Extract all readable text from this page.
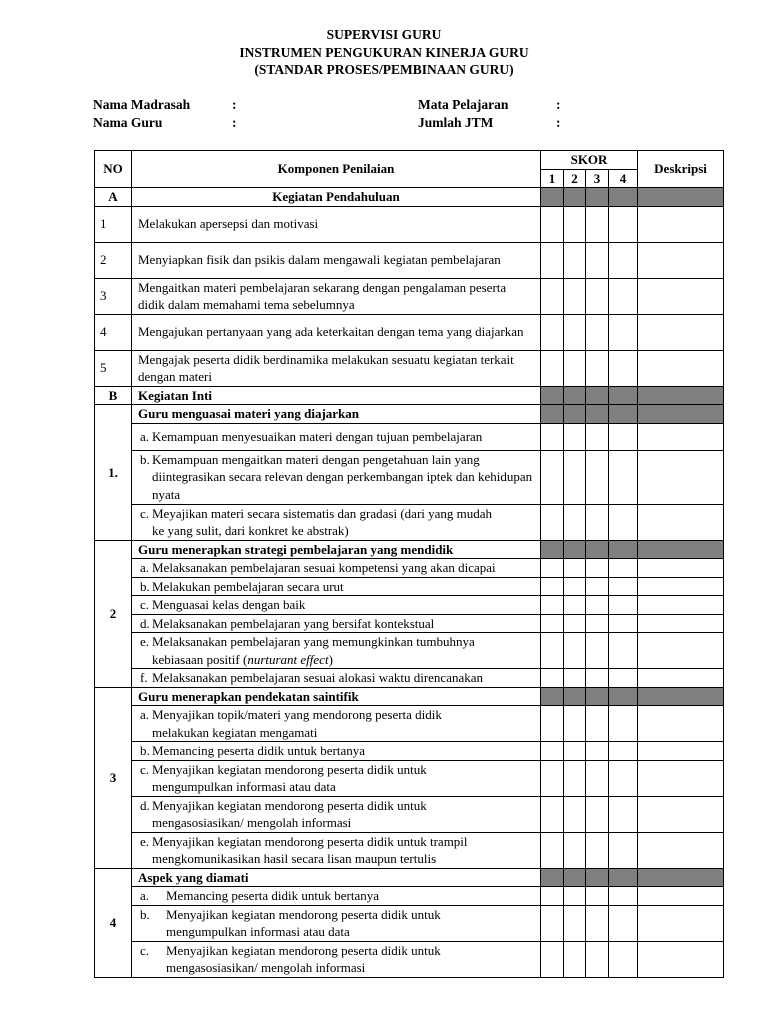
SUPERVISI GURU
INSTRUMEN PENGUKURAN KINERJA GURU
(STANDAR PROSES/PEMBINAAN GURU)
Nama Madrasah	:	Mata Pelajaran	:
Nama Guru	:	Jumlah JTM	:
NO	Komponen Penilaian	SKOR				Deskripsi
		1	2	3	4	
A	Kegiatan Pendahuluan					
1	Melakukan apersepsi dan motivasi					
2	Menyiapkan fisik dan psikis dalam mengawali kegiatan pembelajaran					
3	Mengaitkan materi pembelajaran sekarang dengan pengalaman peserta didik dalam memahami tema sebelumnya					
4	Mengajukan pertanyaan yang ada keterkaitan dengan tema yang diajarkan					
5	Mengajak peserta didik berdinamika melakukan sesuatu kegiatan terkait dengan materi					
B	Kegiatan Inti					
1.	Guru menguasai materi yang diajarkan					
	a. Kemampuan menyesuaikan materi dengan tujuan pembelajaran					
	b. Kemampuan mengaitkan materi dengan pengetahuan lain yang
diintegrasikan secara relevan dengan perkembangan iptek dan kehidupan nyata					

	c. Meyajikan materi secara sistematis dan gradasi (dari yang mudah
ke yang sulit, dari konkret ke abstrak)					

2	Guru menerapkan strategi pembelajaran yang mendidik					
	a. Melaksanakan pembelajaran sesuai kompetensi yang akan dicapai					
	b. Melakukan pembelajaran secara urut					
	c. Menguasai kelas dengan baik					
	d. Melaksanakan pembelajaran yang bersifat kontekstual					
	e. Melaksanakan pembelajaran yang memungkinkan tumbuhnya
kebiasaan positif (nurturant effect)					

	f. Melaksanakan pembelajaran sesuai alokasi waktu direncanakan					
3	Guru menerapkan pendekatan saintifik					
	a. Menyajikan topik/materi yang mendorong peserta didik
melakukan kegiatan mengamati					

	b. Memancing peserta didik untuk bertanya					
	c. Menyajikan kegiatan mendorong peserta didik untuk
mengumpulkan informasi atau data					

	d. Menyajikan kegiatan mendorong peserta didik untuk
mengasosiasikan/ mengolah informasi					

	e. Menyajikan kegiatan mendorong peserta didik untuk trampil
mengkomunikasikan hasil secara lisan maupun tertulis					

4	Aspek yang diamati					
	a. Memancing peserta didik untuk bertanya					
	b. Menyajikan kegiatan mendorong peserta didik untuk
mengumpulkan informasi atau data					

	c. Menyajikan kegiatan mendorong peserta didik untuk
mengasosiasikan/ mengolah informasi					
